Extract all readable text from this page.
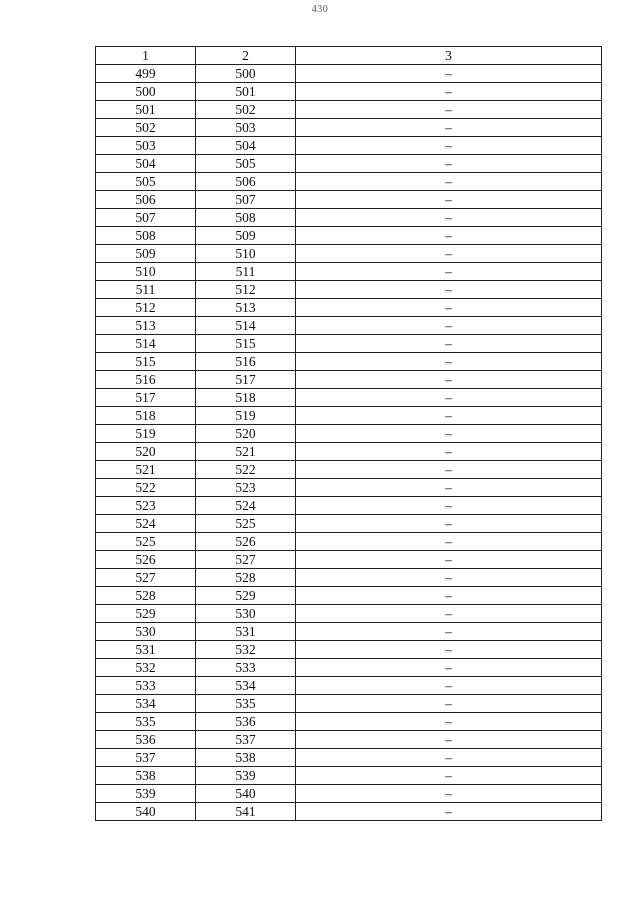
430
1	2	3
499	500	–
500	501	–
501	502	–
502	503	–
503	504	–
504	505	–
505	506	–
506	507	–
507	508	–
508	509	–
509	510	–
510	511	–
511	512	–
512	513	–
513	514	–
514	515	–
515	516	–
516	517	–
517	518	–
518	519	–
519	520	–
520	521	–
521	522	–
522	523	–
523	524	–
524	525	–
525	526	–
526	527	–
527	528	–
528	529	–
529	530	–
530	531	–
531	532	–
532	533	–
533	534	–
534	535	–
535	536	–
536	537	–
537	538	–
538	539	–
539	540	–
540	541	–
